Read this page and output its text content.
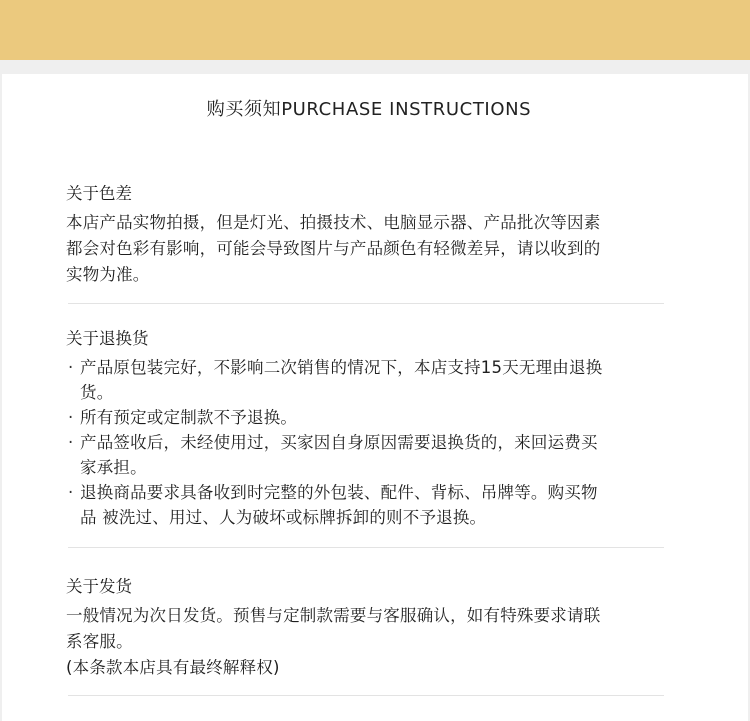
购买须知PURCHASE INSTRUCTIONS
关于色差

本店产品实物拍摄，但是灯光、拍摄技术、电脑显示器、产品批次等因素
都会对色彩有影响，可能会导致图片与产品颜色有轻微差异，请以收到的
实物为准。

关于退换货
· 产品原包装完好，不影响二次销售的情况下，本店支持15天无理由退换
货。
· 所有预定或定制款不予退换。
· 产品签收后，未经使用过，买家因自身原因需要退换货的，来回运费买
家承担。
· 退换商品要求具备收到时完整的外包装、配件、背标、吊牌等。购买物
品 被洗过、用过、人为破坏或标牌拆卸的则不予退换。
关于发货

一般情况为次日发货。预售与定制款需要与客服确认，如有特殊要求请联
系客服。
(本条款本店具有最终解释权)
